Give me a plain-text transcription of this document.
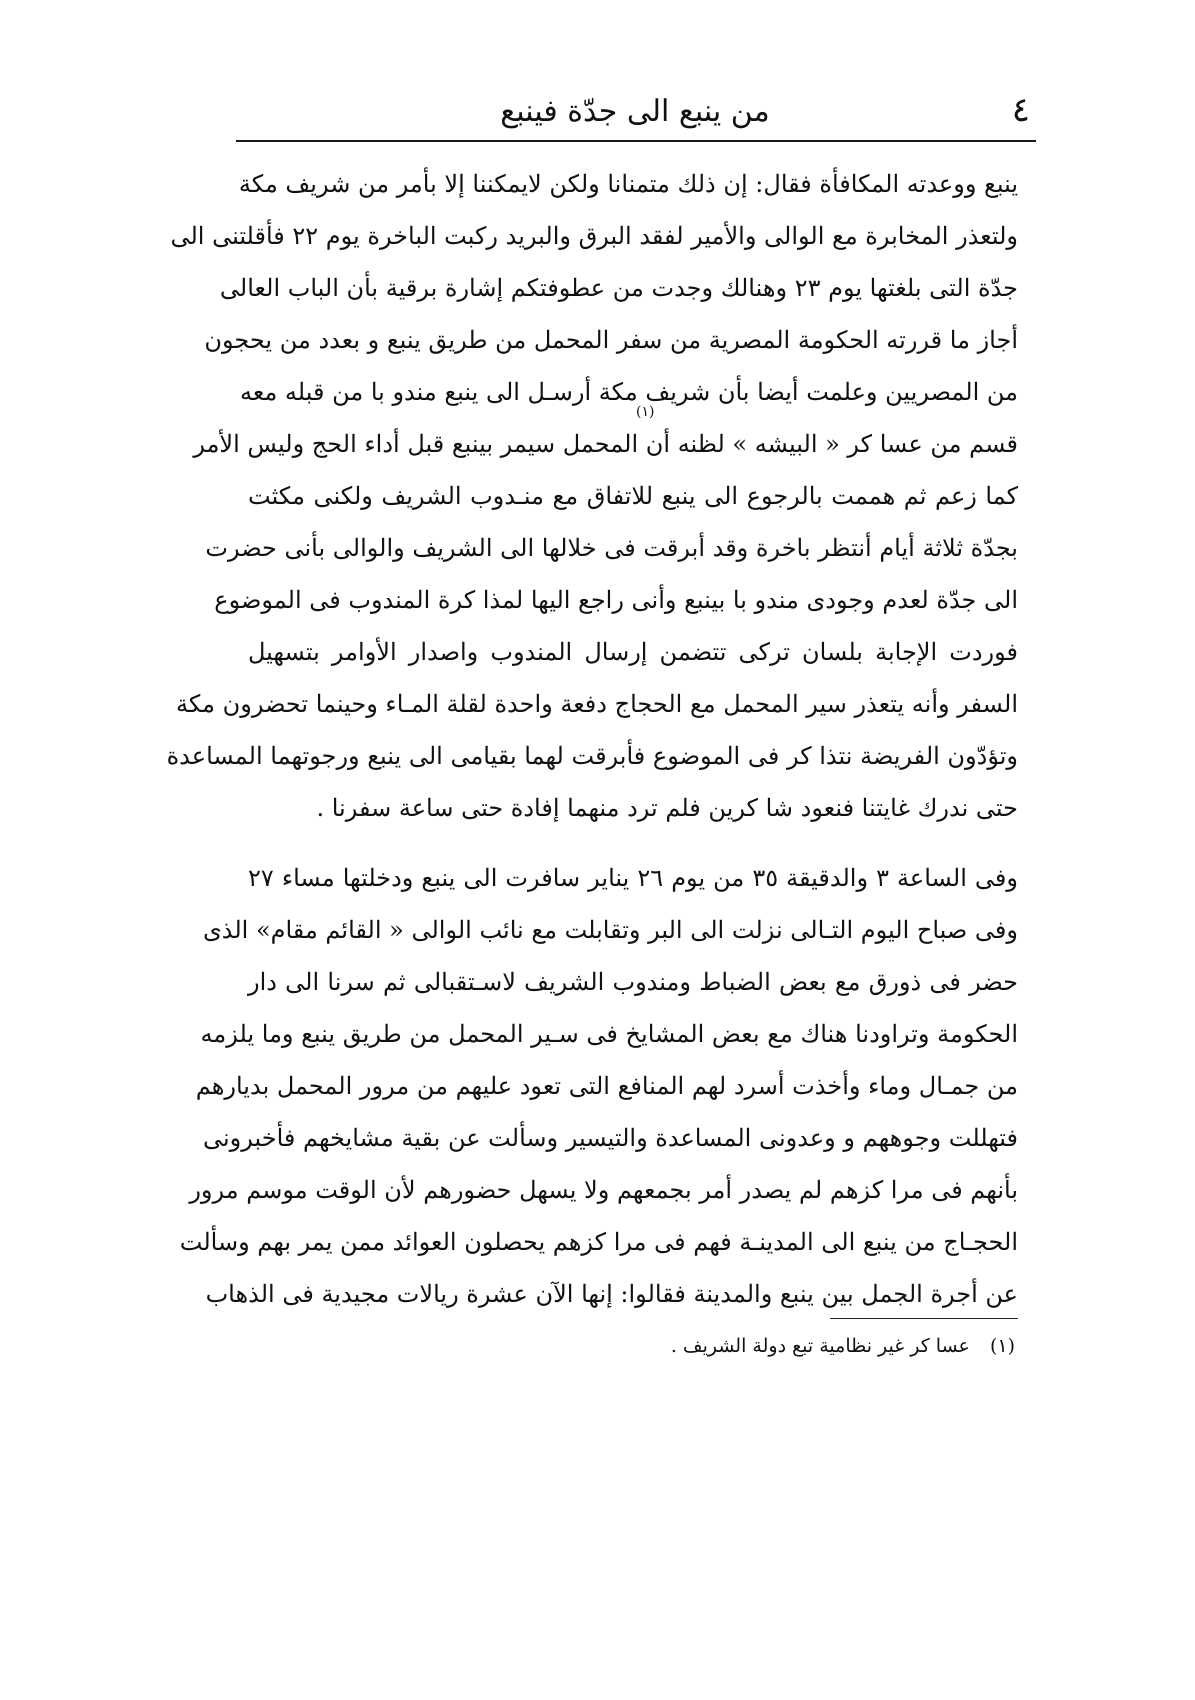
٤
من ينبع الى جدّة فينبع
ينبع ووعدته المكافأة فقال: إن ذلك متمنانا ولكن لايمكننا إلا بأمر من شريف مكة
ولتعذر المخابرة مع الوالى والأمير لفقد البرق والبريد ركبت الباخرة يوم ٢٢ فأقلتنى الى
جدّة التى بلغتها يوم ٢٣ وهنالك وجدت من عطوفتكم إشارة برقية بأن الباب العالى
أجاز ما قررته الحكومة المصرية من سفر المحمل من طريق ينبع و بعدد من يحجون
من المصريين وعلمت أيضا بأن شريف مكة أرسـل الى ينبع مندو با من قبله معه
قسم من عسا كر « البيشه » لظنه أن المحمل سيمر بينبع قبل أداء الحج وليس الأمر
كما زعم ثم هممت بالرجوع الى ينبع للاتفاق مع منـدوب الشريف ولكنى مكثت
بجدّة ثلاثة أيام أنتظر باخرة وقد أبرقت فى خلالها الى الشريف والوالى بأنى حضرت
الى جدّة لعدم وجودى مندو با بينبع وأنى راجع اليها لمذا كرة المندوب فى الموضوع
فوردت الإجابة بلسان تركى تتضمن إرسال المندوب واصدار الأوامر بتسهيل
السفر وأنه يتعذر سير المحمل مع الحجاج دفعة واحدة لقلة المـاء وحينما تحضرون مكة
وتؤدّون الفريضة نتذا كر فى الموضوع فأبرقت لهما بقيامى الى ينبع ورجوتهما المساعدة
حتى ندرك غايتنا فنعود شا كرين فلم ترد منهما إفادة حتى ساعة سفرنا .
وفى الساعة ٣ والدقيقة ٣٥ من يوم ٢٦ يناير سافرت الى ينبع ودخلتها مساء ٢٧
وفى صباح اليوم التـالى نزلت الى البر وتقابلت مع نائب الوالى « القائم مقام» الذى
حضر فى ذورق مع بعض الضباط ومندوب الشريف لاسـتقبالى ثم سرنا الى دار
الحكومة وتراودنا هناك مع بعض المشايخ فى سـير المحمل من طريق ينبع وما يلزمه
من جمـال وماء وأخذت أسرد لهم المنافع التى تعود عليهم من مرور المحمل بديارهم
فتهللت وجوههم و وعدونى المساعدة والتيسير وسألت عن بقية مشايخهم فأخبرونى
بأنهم فى مرا كزهم لم يصدر أمر بجمعهم ولا يسهل حضورهم لأن الوقت موسم مرور
الحجـاج من ينبع الى المدينـة فهم فى مرا كزهم يحصلون العوائد ممن يمر بهم وسألت
عن أجرة الجمل بين ينبع والمدينة فقالوا: إنها الآن عشرة ريالات مجيدية فى الذهاب
(١)
(١) عسا كر غير نظامية تبع دولة الشريف .
